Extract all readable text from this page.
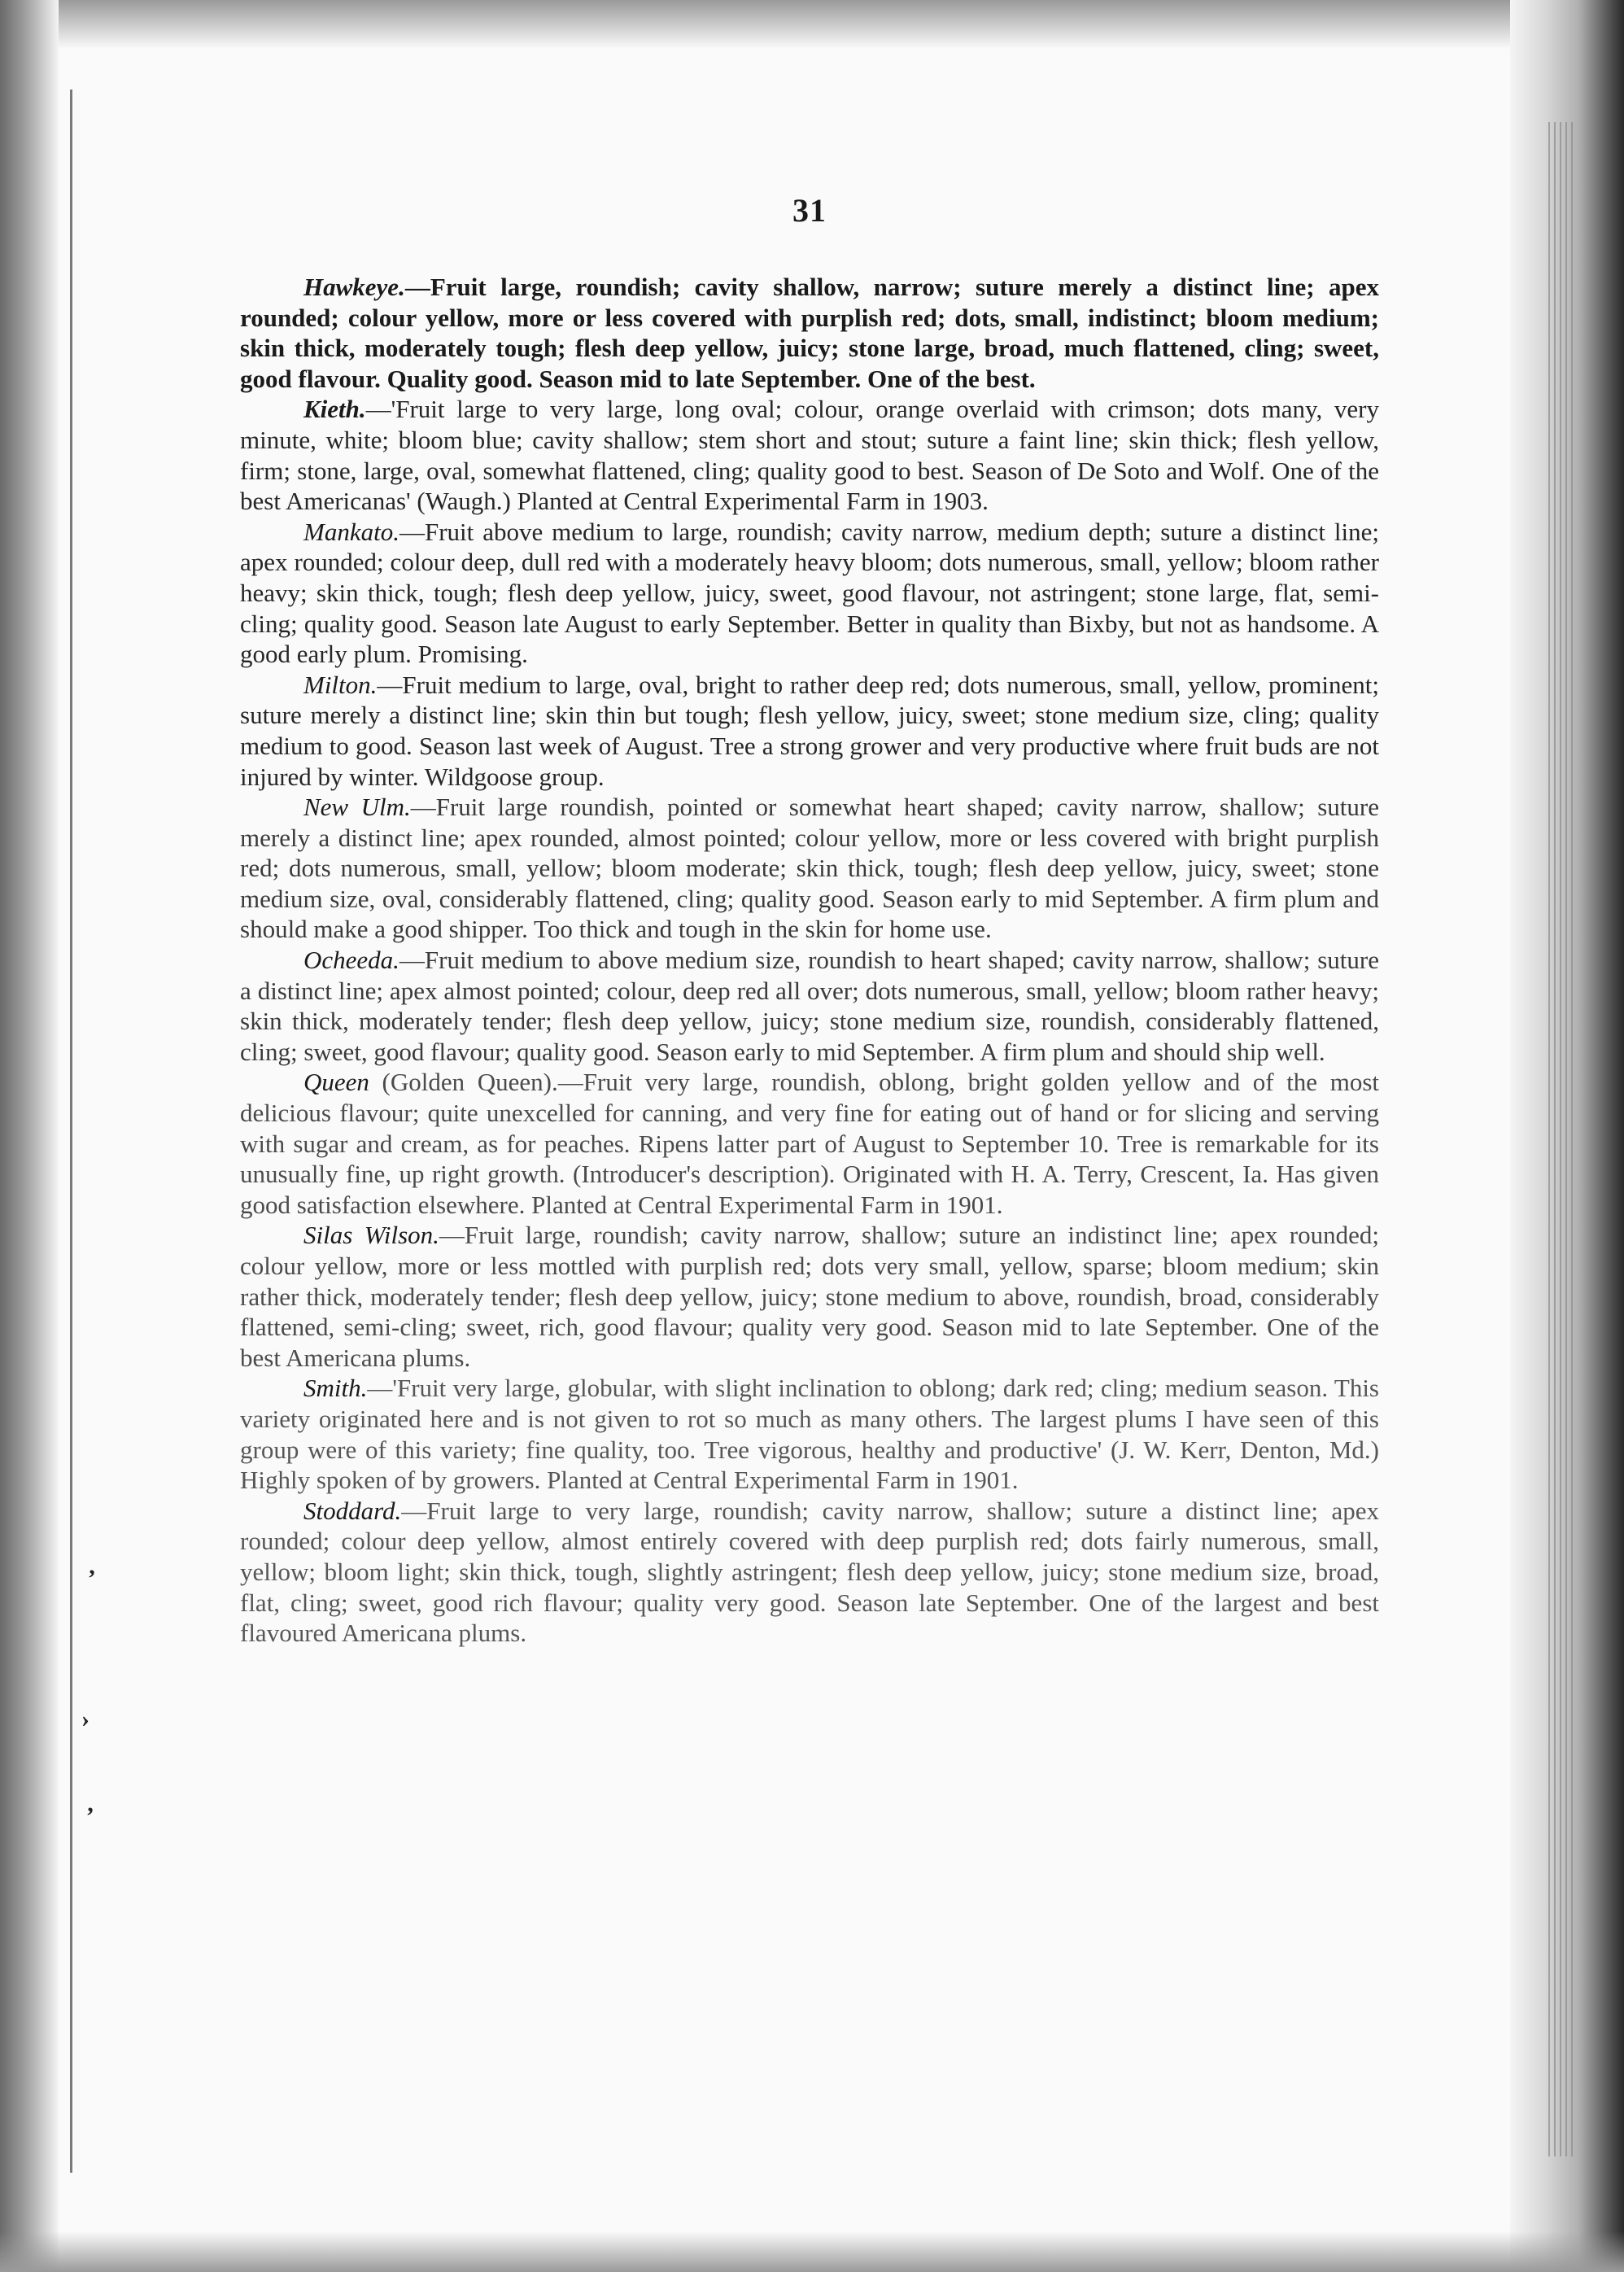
‚
›
‚
31

Hawkeye.—Fruit large, roundish; cavity shallow, narrow; suture merely a distinct line; apex rounded; colour yellow, more or less covered with purplish red; dots, small, indistinct; bloom medium; skin thick, moderately tough; flesh deep yellow, juicy; stone large, broad, much flattened, cling; sweet, good flavour. Quality good. Season mid to late September. One of the best.

Kieth.—'Fruit large to very large, long oval; colour, orange overlaid with crimson; dots many, very minute, white; bloom blue; cavity shallow; stem short and stout; suture a faint line; skin thick; flesh yellow, firm; stone, large, oval, somewhat flattened, cling; quality good to best. Season of De Soto and Wolf. One of the best Americanas' (Waugh.) Planted at Central Experimental Farm in 1903.

Mankato.—Fruit above medium to large, roundish; cavity narrow, medium depth; suture a distinct line; apex rounded; colour deep, dull red with a moderately heavy bloom; dots numerous, small, yellow; bloom rather heavy; skin thick, tough; flesh deep yellow, juicy, sweet, good flavour, not astringent; stone large, flat, semi-cling; quality good. Season late August to early September. Better in quality than Bixby, but not as handsome. A good early plum. Promising.

Milton.—Fruit medium to large, oval, bright to rather deep red; dots numerous, small, yellow, prominent; suture merely a distinct line; skin thin but tough; flesh yellow, juicy, sweet; stone medium size, cling; quality medium to good. Season last week of August. Tree a strong grower and very productive where fruit buds are not injured by winter. Wildgoose group.

New Ulm.—Fruit large roundish, pointed or somewhat heart shaped; cavity narrow, shallow; suture merely a distinct line; apex rounded, almost pointed; colour yellow, more or less covered with bright purplish red; dots numerous, small, yellow; bloom moderate; skin thick, tough; flesh deep yellow, juicy, sweet; stone medium size, oval, considerably flattened, cling; quality good. Season early to mid September. A firm plum and should make a good shipper. Too thick and tough in the skin for home use.

Ocheeda.—Fruit medium to above medium size, roundish to heart shaped; cavity narrow, shallow; suture a distinct line; apex almost pointed; colour, deep red all over; dots numerous, small, yellow; bloom rather heavy; skin thick, moderately tender; flesh deep yellow, juicy; stone medium size, roundish, considerably flattened, cling; sweet, good flavour; quality good. Season early to mid September. A firm plum and should ship well.

Queen (Golden Queen).—Fruit very large, roundish, oblong, bright golden yellow and of the most delicious flavour; quite unexcelled for canning, and very fine for eating out of hand or for slicing and serving with sugar and cream, as for peaches. Ripens latter part of August to September 10. Tree is remarkable for its unusually fine, up right growth. (Introducer's description). Originated with H. A. Terry, Crescent, Ia. Has given good satisfaction elsewhere. Planted at Central Experimental Farm in 1901.

Silas Wilson.—Fruit large, roundish; cavity narrow, shallow; suture an indistinct line; apex rounded; colour yellow, more or less mottled with purplish red; dots very small, yellow, sparse; bloom medium; skin rather thick, moderately tender; flesh deep yellow, juicy; stone medium to above, roundish, broad, considerably flattened, semi-cling; sweet, rich, good flavour; quality very good. Season mid to late September. One of the best Americana plums.

Smith.—'Fruit very large, globular, with slight inclination to oblong; dark red; cling; medium season. This variety originated here and is not given to rot so much as many others. The largest plums I have seen of this group were of this variety; fine quality, too. Tree vigorous, healthy and productive' (J. W. Kerr, Denton, Md.) Highly spoken of by growers. Planted at Central Experimental Farm in 1901.

Stoddard.—Fruit large to very large, roundish; cavity narrow, shallow; suture a distinct line; apex rounded; colour deep yellow, almost entirely covered with deep purplish red; dots fairly numerous, small, yellow; bloom light; skin thick, tough, slightly astringent; flesh deep yellow, juicy; stone medium size, broad, flat, cling; sweet, good rich flavour; quality very good. Season late September. One of the largest and best flavoured Americana plums.
